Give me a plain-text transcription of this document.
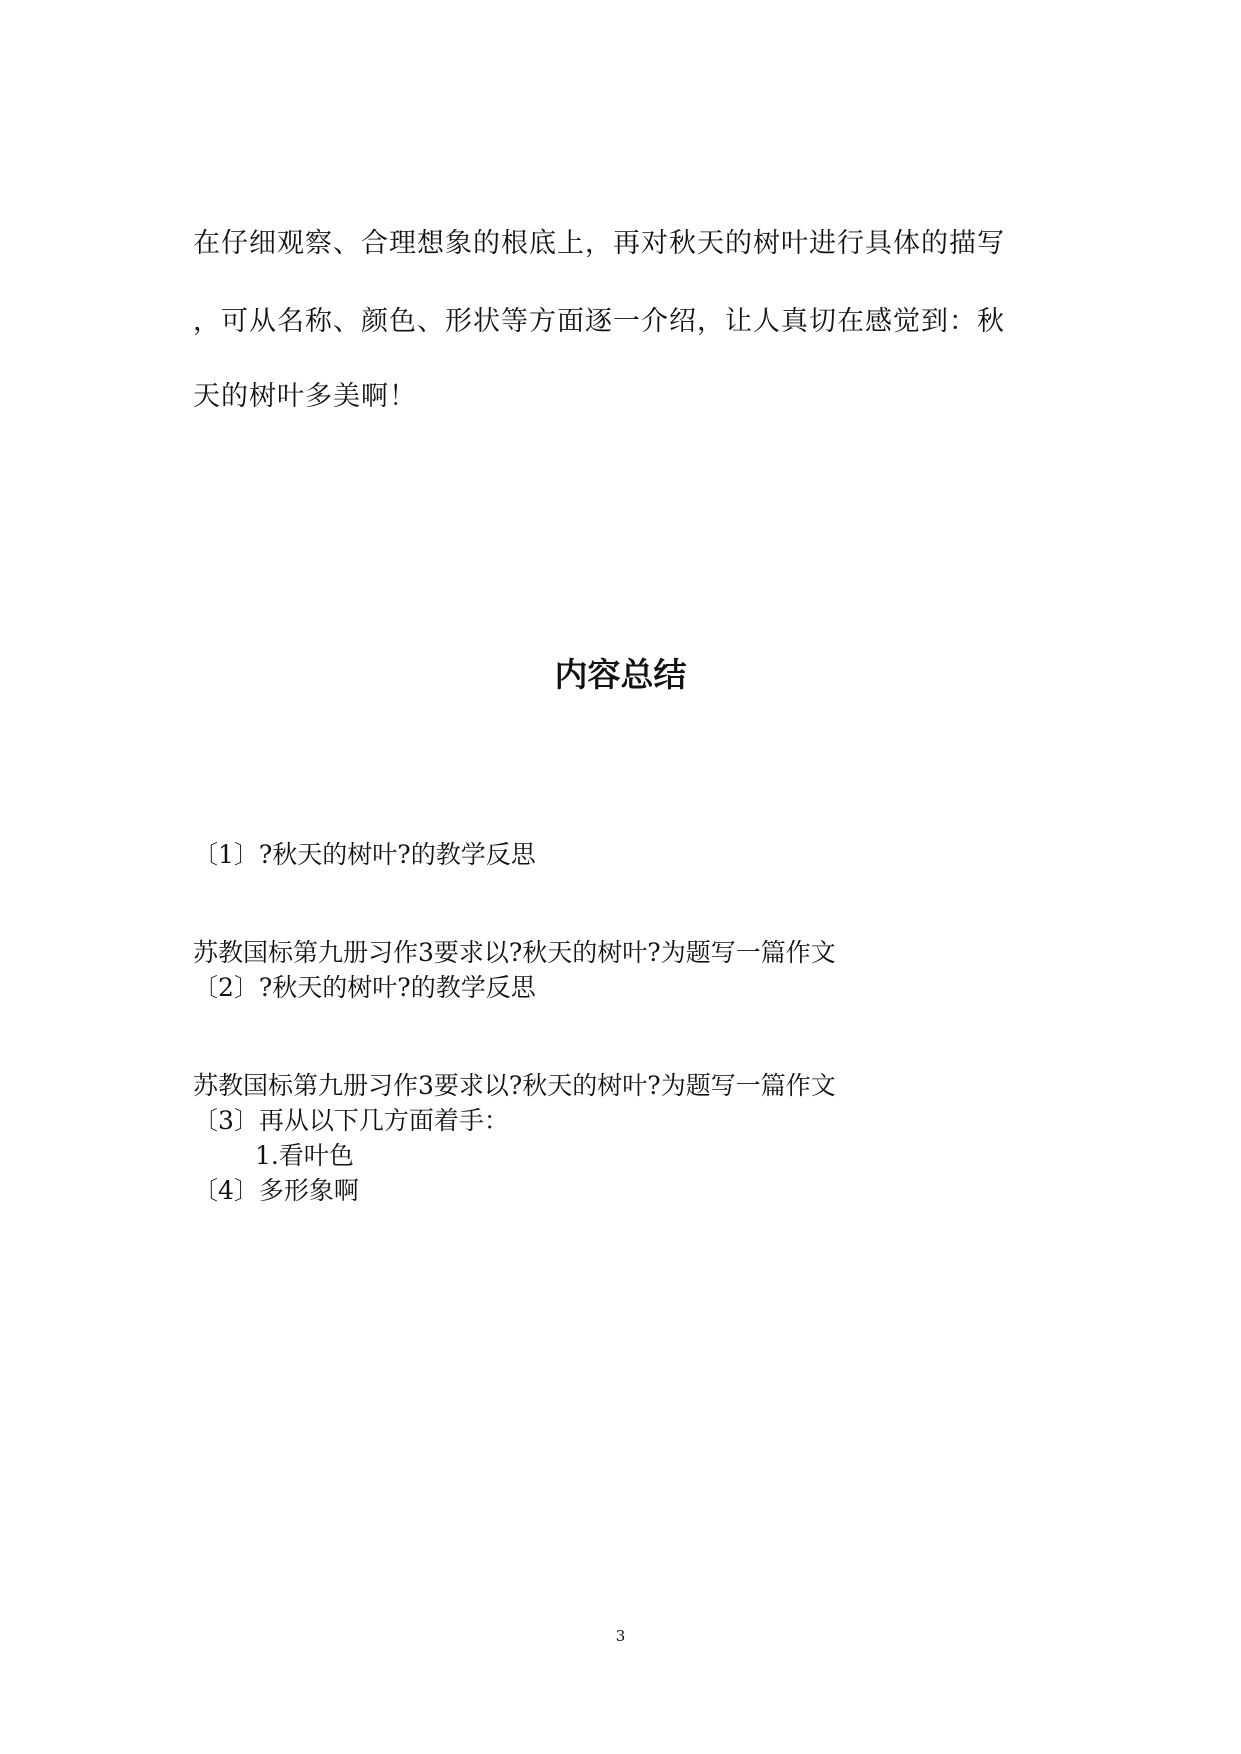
在仔细观察、合理想象的根底上，再对秋天的树叶进行具体的描写
，可从名称、颜色、形状等方面逐一介绍，让人真切在感觉到：秋
天的树叶多美啊！
内容总结
〔1〕?秋天的树叶?的教学反思
苏教国标第九册习作3要求以?秋天的树叶?为题写一篇作文
〔2〕?秋天的树叶?的教学反思
苏教国标第九册习作3要求以?秋天的树叶?为题写一篇作文
〔3〕再从以下几方面着手：
1.看叶色
〔4〕多形象啊
3
